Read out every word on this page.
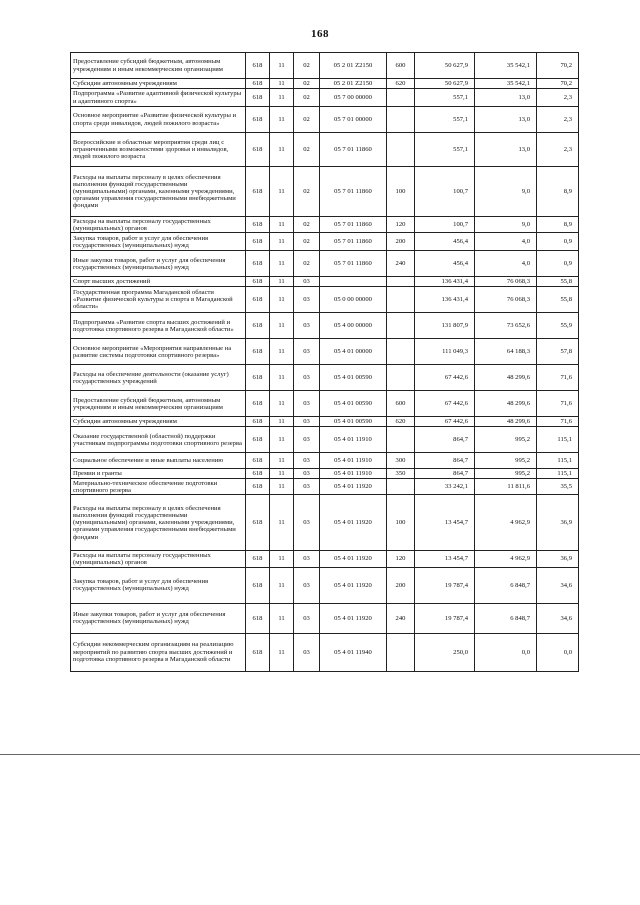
168
Предоставление субсидий бюджетным, автономным учреждениям и иным некоммерческим организациям	618	11	02	05 2 01 Z2150	600	50 627,9	35 542,1	70,2
Субсидии автономным учреждениям	618	11	02	05 2 01 Z2150	620	50 627,9	35 542,1	70,2
Подпрограмма «Развитие адаптивной физической культуры и адаптивного спорта»	618	11	02	05 7 00 00000		557,1	13,0	2,3
Основное мероприятие «Развитие физической культуры и спорта среди инвалидов, людей пожилого возраста»	618	11	02	05 7 01 00000		557,1	13,0	2,3
Всероссийские и областные мероприятия среди лиц с ограниченными возможностями здоровья и инвалидов, людей пожилого возраста	618	11	02	05 7 01 11860		557,1	13,0	2,3
Расходы на выплаты персоналу в целях обеспечения выполнения функций государственными (муниципальными) органами, казенными учреждениями, органами управления государственными внебюджетными фондами	618	11	02	05 7 01 11860	100	100,7	9,0	8,9
Расходы на выплаты персоналу государственных (муниципальных) органов	618	11	02	05 7 01 11860	120	100,7	9,0	8,9
Закупка товаров, работ и услуг для обеспечения государственных (муниципальных) нужд	618	11	02	05 7 01 11860	200	456,4	4,0	0,9
Иные закупки товаров, работ и услуг для обеспечения государственных (муниципальных) нужд	618	11	02	05 7 01 11860	240	456,4	4,0	0,9
Спорт высших достижений	618	11	03			136 431,4	76 068,3	55,8
Государственная программа Магаданской области «Развитие физической культуры и спорта в Магаданской области»	618	11	03	05 0 00 00000		136 431,4	76 068,3	55,8
Подпрограмма «Развитие спорта высших достижений и подготовка спортивного резерва в Магаданской области»	618	11	03	05 4 00 00000		131 807,9	73 652,6	55,9
Основное мероприятие «Мероприятия направленные на развитие системы подготовки спортивного резерва»	618	11	03	05 4 01 00000		111 049,3	64 188,3	57,8
Расходы на обеспечение деятельности (оказание услуг) государственных учреждений	618	11	03	05 4 01 00590		67 442,6	48 299,6	71,6
Предоставление субсидий бюджетным, автономным учреждениям и иным некоммерческим организациям	618	11	03	05 4 01 00590	600	67 442,6	48 299,6	71,6
Субсидии автономным учреждениям	618	11	03	05 4 01 00590	620	67 442,6	48 299,6	71,6
Оказание государственной (областной) поддержки участникам подпрограммы подготовки спортивного резерва	618	11	03	05 4 01 11910		864,7	995,2	115,1
Социальное обеспечение и иные выплаты населению	618	11	03	05 4 01 11910	300	864,7	995,2	115,1
Премии и гранты	618	11	03	05 4 01 11910	350	864,7	995,2	115,1
Материально-техническое обеспечение подготовки спортивного резерва	618	11	03	05 4 01 11920		33 242,1	11 811,6	35,5
Расходы на выплаты персоналу в целях обеспечения выполнения функций государственными (муниципальными) органами, казенными учреждениями, органами управления государственными внебюджетными фондами	618	11	03	05 4 01 11920	100	13 454,7	4 962,9	36,9
Расходы на выплаты персоналу государственных (муниципальных) органов	618	11	03	05 4 01 11920	120	13 454,7	4 962,9	36,9
Закупка товаров, работ и услуг для обеспечения государственных (муниципальных) нужд	618	11	03	05 4 01 11920	200	19 787,4	6 848,7	34,6
Иные закупки товаров, работ и услуг для обеспечения государственных (муниципальных) нужд	618	11	03	05 4 01 11920	240	19 787,4	6 848,7	34,6
Субсидии некоммерческим организациям на реализацию мероприятий по развитию спорта высших достижений и подготовка спортивного резерва в Магаданской области	618	11	03	05 4 01 11940		250,0	0,0	0,0
